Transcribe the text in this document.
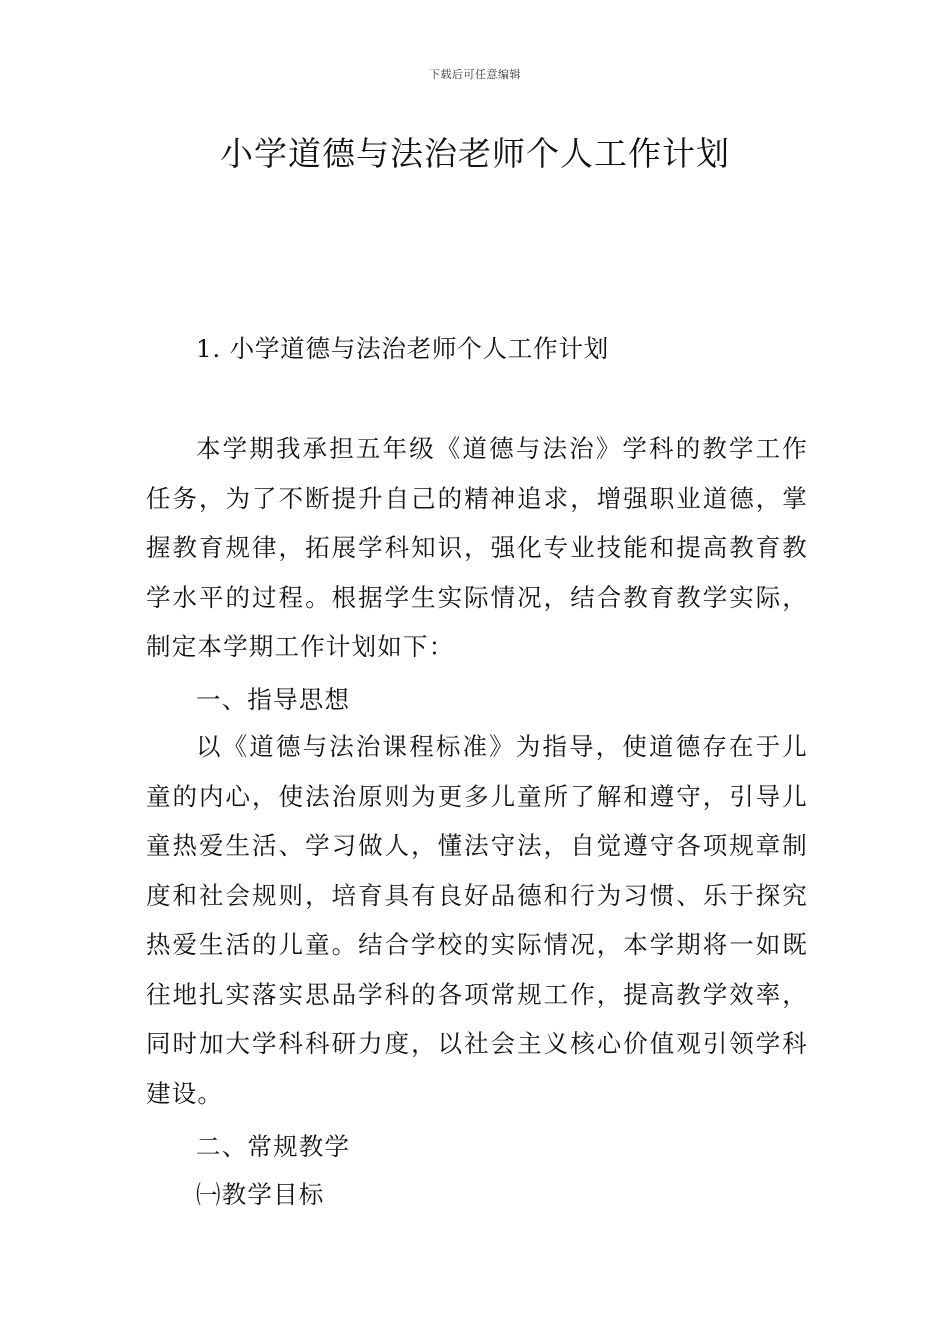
下载后可任意编辑
小学道德与法治老师个人工作计划

1. 小学道德与法治老师个人工作计划

本学期我承担五年级《道德与法治》学科的教学工作任务，为了不断提升自己的精神追求，增强职业道德，掌握教育规律，拓展学科知识，强化专业技能和提高教育教学水平的过程。根据学生实际情况，结合教育教学实际，制定本学期工作计划如下：

一、指导思想

以《道德与法治课程标准》为指导，使道德存在于儿童的内心，使法治原则为更多儿童所了解和遵守，引导儿童热爱生活、学习做人，懂法守法，自觉遵守各项规章制度和社会规则，培育具有良好品德和行为习惯、乐于探究热爱生活的儿童。结合学校的实际情况，本学期将一如既往地扎实落实思品学科的各项常规工作，提高教学效率，同时加大学科科研力度，以社会主义核心价值观引领学科建设。

二、常规教学

㈠教学目标
